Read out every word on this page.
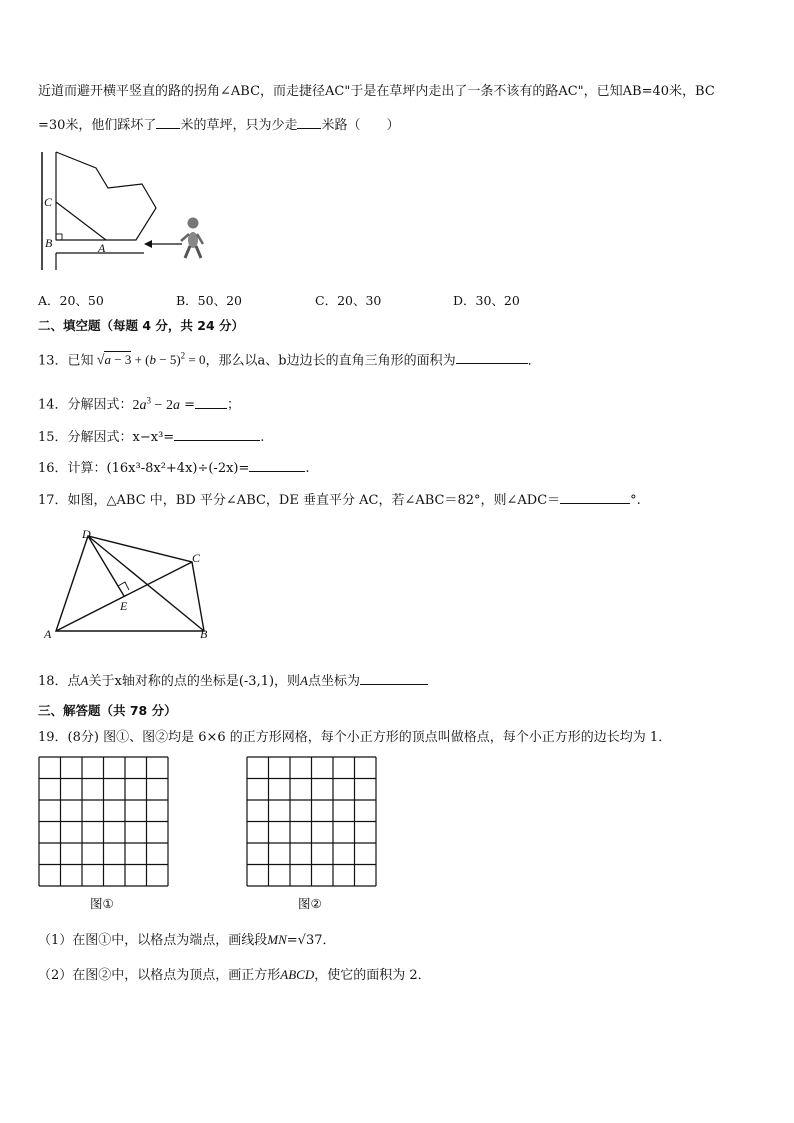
近道而避开横平竖直的路的拐角∠ABC，而走捷径AC"于是在草坪内走出了一条不该有的路AC"，已知AB=40米，BC
=30米，他们踩坏了 米的草坪，只为少走 米路（　　）
C
B	A
A．20、50	B．50、20	C．20、30	D．30、20
二、填空题（每题 4 分，共 24 分）
13．已知 $√a - 3 + (b - 5)^2 = 0$，那么以a、b边边长的直角三角形的面积为	．
14．分解因式：$2a^3 - 2a$ = ；
15．分解因式：x−x³=	.
16．计算：(16x³-8x²+4x)÷(-2x)=	.
17．如图，△ABC 中，BD 平分∠ABC，DE 垂直平分 AC，若∠ABC＝82°，则∠ADC＝	°.
D
C
E
A	B
18．点A关于x轴对称的点的坐标是(-3,1)，则A点坐标为
三、解答题（共 78 分）
19．(8分) 图①、图②均是 6×6 的正方形网格，每个小正方形的顶点叫做格点，每个小正方形的边长均为 1．
图①	图②
（1）在图①中，以格点为端点，画线段MN=√37．
（2）在图②中，以格点为顶点，画正方形ABCD，使它的面积为 2．
